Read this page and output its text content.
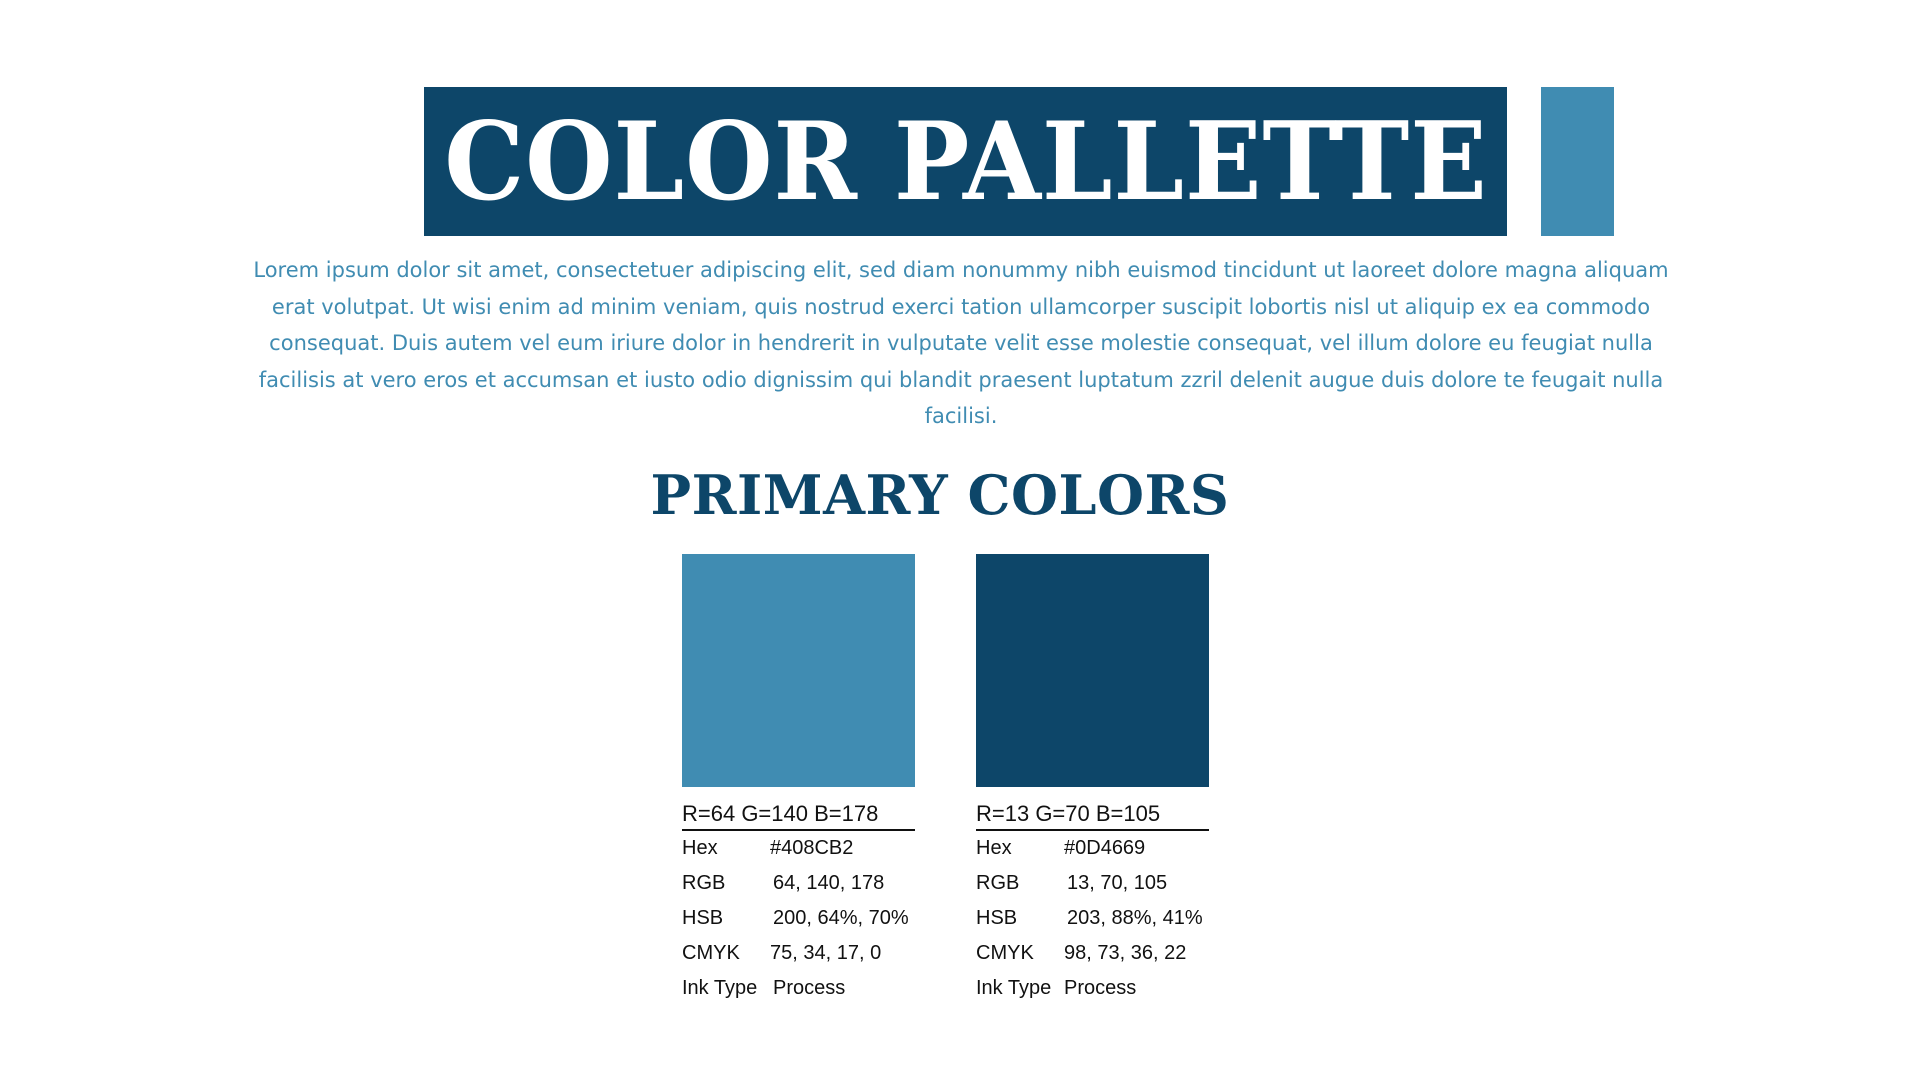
COLOR PALLETTE

Lorem ipsum dolor sit amet, consectetuer adipiscing elit, sed diam nonummy nibh euismod tincidunt ut laoreet dolore magna aliquam erat volutpat. Ut wisi enim ad minim veniam, quis nostrud exerci tation ullamcorper suscipit lobortis nisl ut aliquip ex ea commodo consequat. Duis autem vel eum iriure dolor in hendrerit in vulputate velit esse molestie consequat, vel illum dolore eu feugiat nulla facilisis at vero eros et accumsan et iusto odio dignissim qui blandit praesent luptatum zzril delenit augue duis dolore te feugait nulla facilisi.

PRIMARY COLORS
R=64 G=140 B=178
Hex	#408CB2
RGB	64, 140, 178
HSB	200, 64%, 70%
CMYK	75, 34, 17, 0
Ink Type Process
R=13 G=70 B=105
Hex	#0D4669
RGB	13, 70, 105
HSB	203, 88%, 41%
CMYK	98, 73, 36, 22
Ink Type Process
